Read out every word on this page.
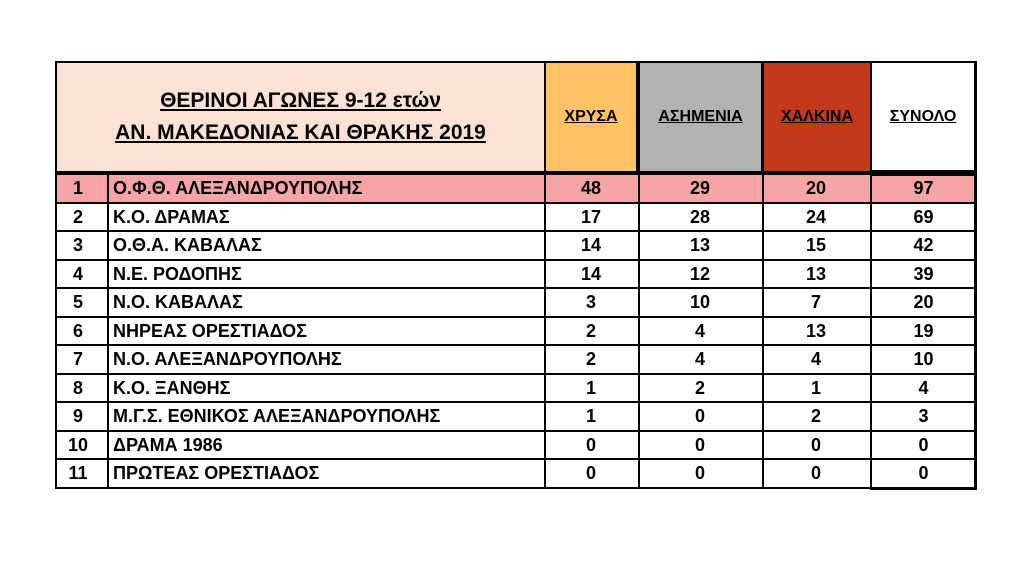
ΘΕΡΙΝΟΙ ΑΓΩΝΕΣ 9-12 ετών
ΑΝ. ΜΑΚΕΔΟΝΙΑΣ ΚΑΙ ΘΡΑΚΗΣ 2019
ΧΡΥΣΑ	ΑΣΗΜΕΝΙΑ ΧΑΛΚΙΝΑ ΣΥΝΟΛΟ
1	Ο.Φ.Θ. ΑΛΕΞΑΝΔΡΟΥΠΟΛΗΣ	48	29	20	97
2	Κ.Ο. ΔΡΑΜΑΣ	17	28	24	69
3	Ο.Θ.Α. ΚΑΒΑΛΑΣ	14	13	15	42
4	Ν.Ε. ΡΟΔΟΠΗΣ	14	12	13	39
5	Ν.Ο. ΚΑΒΑΛΑΣ	3	10	7	20
6	ΝΗΡΕΑΣ ΟΡΕΣΤΙΑΔΟΣ	2	4	13	19
7	Ν.Ο. ΑΛΕΞΑΝΔΡΟΥΠΟΛΗΣ	2	4	4	10
8	Κ.Ο. ΞΑΝΘΗΣ	1	2	1	4
9	Μ.Γ.Σ. ΕΘΝΙΚΟΣ ΑΛΕΞΑΝΔΡΟΥΠΟΛΗΣ	1	0	2	3
10	ΔΡΑΜΑ 1986	0	0	0	0
11	ΠΡΩΤΕΑΣ ΟΡΕΣΤΙΑΔΟΣ	0	0	0	0
